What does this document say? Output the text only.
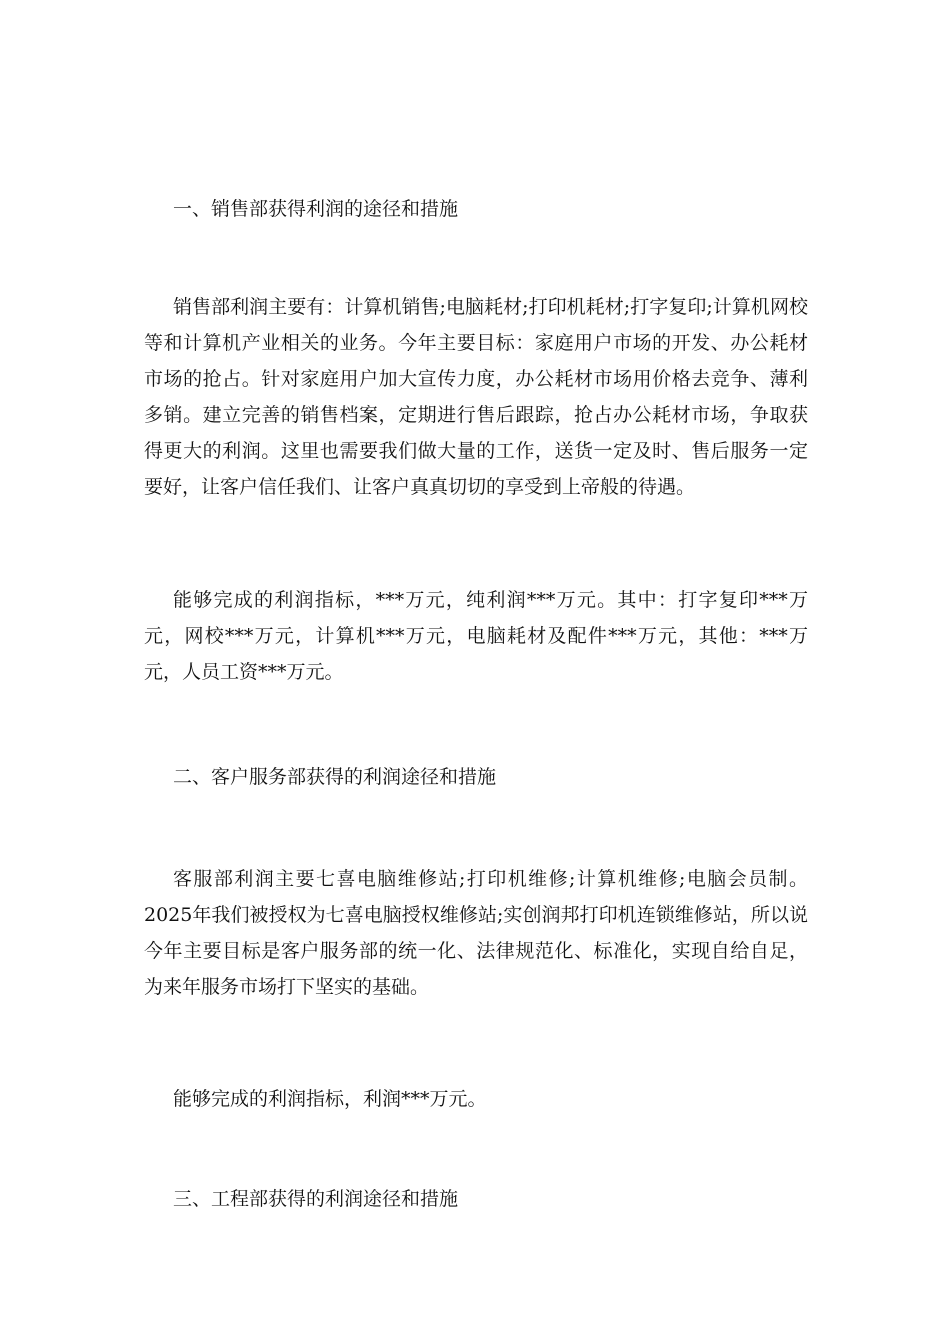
一、销售部获得利润的途径和措施

销售部利润主要有：计算机销售;电脑耗材;打印机耗材;打字复印;计算机网校等和计算机产业相关的业务。今年主要目标：家庭用户市场的开发、办公耗材市场的抢占。针对家庭用户加大宣传力度，办公耗材市场用价格去竞争、薄利多销。建立完善的销售档案，定期进行售后跟踪，抢占办公耗材市场，争取获得更大的利润。这里也需要我们做大量的工作，送货一定及时、售后服务一定要好，让客户信任我们、让客户真真切切的享受到上帝般的待遇。

能够完成的利润指标，***万元，纯利润***万元。其中：打字复印***万元，网校***万元，计算机***万元，电脑耗材及配件***万元，其他：***万元，人员工资***万元。

二、客户服务部获得的利润途径和措施

客服部利润主要七喜电脑维修站;打印机维修;计算机维修;电脑会员制。2025年我们被授权为七喜电脑授权维修站;实创润邦打印机连锁维修站，所以说今年主要目标是客户服务部的统一化、法律规范化、标准化，实现自给自足，为来年服务市场打下坚实的基础。

能够完成的利润指标，利润***万元。

三、工程部获得的利润途径和措施
